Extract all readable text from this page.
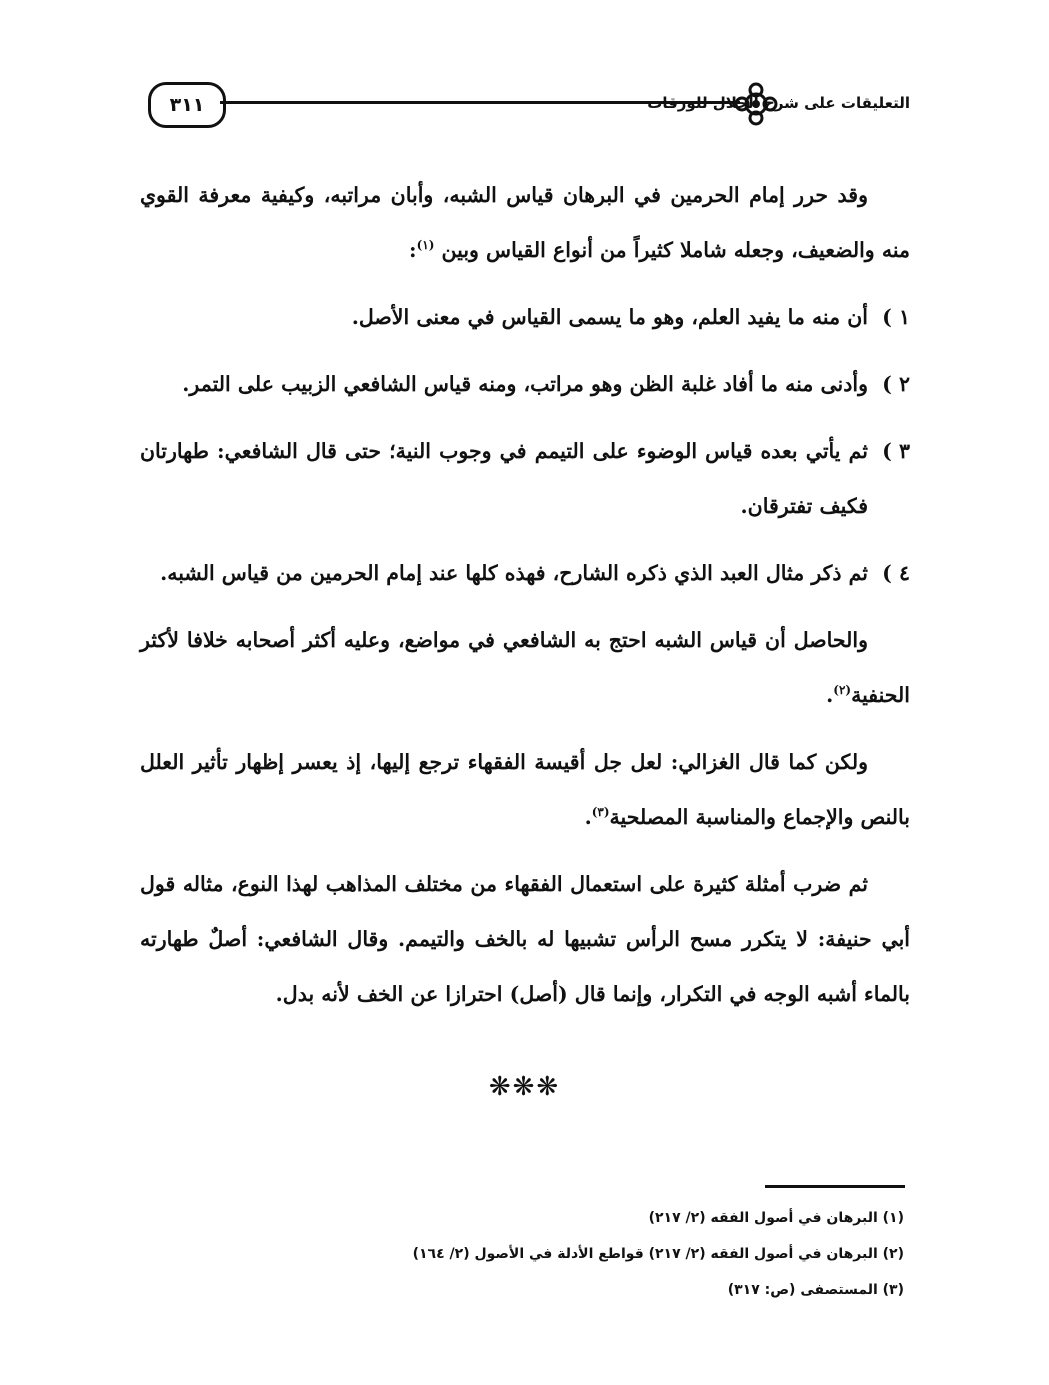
٣١١	التعليقات على شرح الجلال للورقات

وقد حرر إمام الحرمين في البرهان قياس الشبه، وأبان مراتبه، وكيفية معرفة القوي منه والضعيف، وجعله شاملا كثيراً من أنواع القياس وبين $^{(١)}$:

١ )أن منه ما يفيد العلم، وهو ما يسمى القياس في معنى الأصل.

٢ )وأدنى منه ما أفاد غلبة الظن وهو مراتب، ومنه قياس الشافعي الزبيب على التمر.

٣ )ثم يأتي بعده قياس الوضوء على التيمم في وجوب النية؛ حتى قال الشافعي: طهارتان فكيف تفترقان.

٤ )ثم ذكر مثال العبد الذي ذكره الشارح، فهذه كلها عند إمام الحرمين من قياس الشبه.

والحاصل أن قياس الشبه احتج به الشافعي في مواضع، وعليه أكثر أصحابه خلافا لأكثر الحنفية$^{(٢)}$.

ولكن كما قال الغزالي: لعل جل أقيسة الفقهاء ترجع إليها، إذ يعسر إظهار تأثير العلل بالنص والإجماع والمناسبة المصلحية$^{(٣)}$.

ثم ضرب أمثلة كثيرة على استعمال الفقهاء من مختلف المذاهب لهذا النوع، مثاله قول أبي حنيفة: لا يتكرر مسح الرأس تشبيها له بالخف والتيمم. وقال الشافعي: أصلٌ طهارته بالماء أشبه الوجه في التكرار، وإنما قال (أصل) احترازا عن الخف لأنه بدل.

❋❋❋
(١) البرهان في أصول الفقه (٢/ ٢١٧)
(٢) البرهان في أصول الفقه (٢/ ٢١٧) قواطع الأدلة في الأصول (٢/ ١٦٤)
(٣) المستصفى (ص: ٣١٧)
